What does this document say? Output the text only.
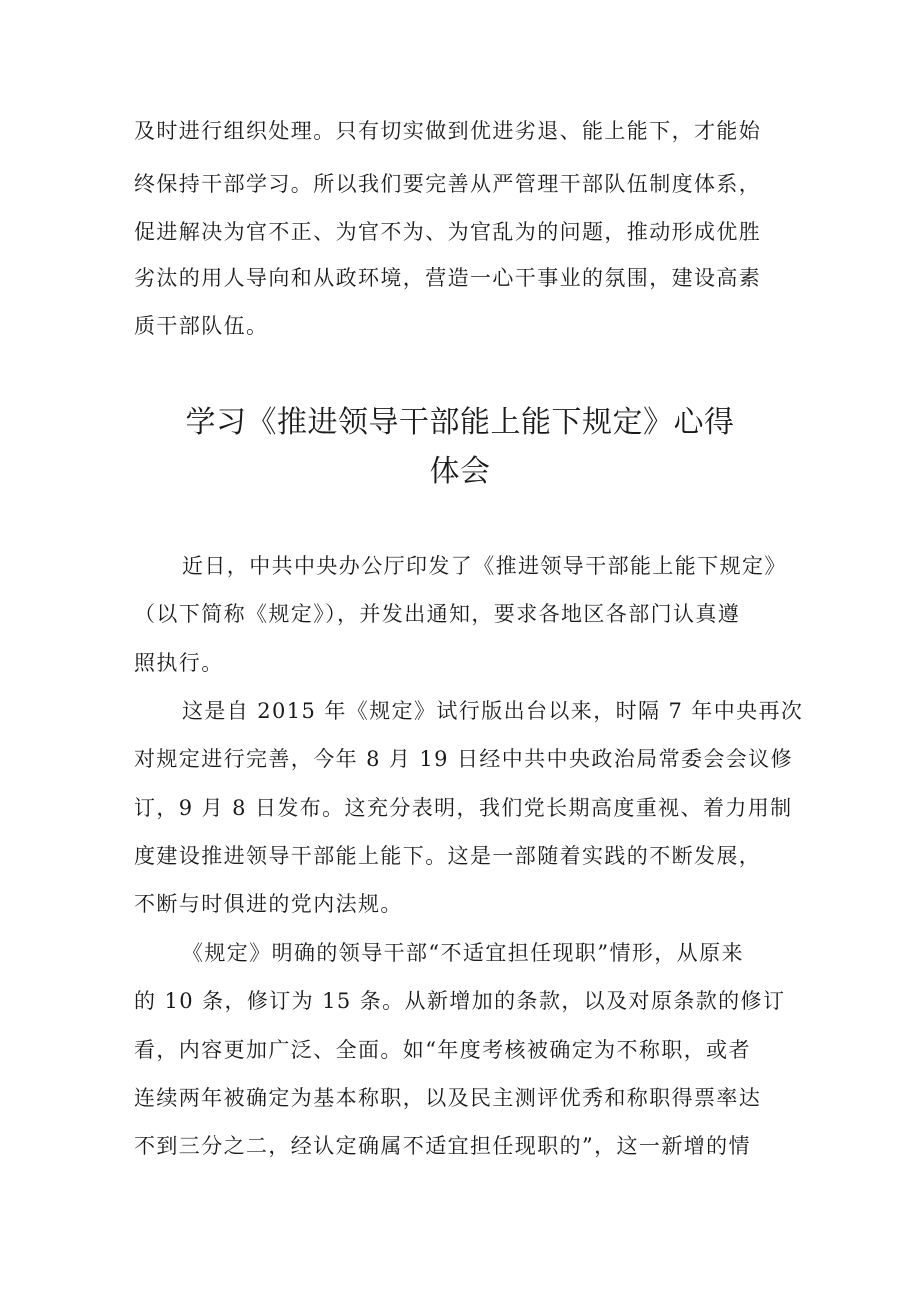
及时进行组织处理。只有切实做到优进劣退、能上能下，才能始
终保持干部学习。所以我们要完善从严管理干部队伍制度体系，
促进解决为官不正、为官不为、为官乱为的问题，推动形成优胜
劣汰的用人导向和从政环境，营造一心干事业的氛围，建设高素
质干部队伍。
学习《推进领导干部能上能下规定》心得
体会
近日，中共中央办公厅印发了《推进领导干部能上能下规定》
（以下简称《规定》），并发出通知，要求各地区各部门认真遵
照执行。
这是自 2015 年《规定》试行版出台以来，时隔 7 年中央再次
对规定进行完善，今年 8 月 19 日经中共中央政治局常委会会议修
订，9 月 8 日发布。这充分表明，我们党长期高度重视、着力用制
度建设推进领导干部能上能下。这是一部随着实践的不断发展，
不断与时俱进的党内法规。
《规定》明确的领导干部“不适宜担任现职”情形，从原来
的 10 条，修订为 15 条。从新增加的条款，以及对原条款的修订
看，内容更加广泛、全面。如“年度考核被确定为不称职，或者
连续两年被确定为基本称职，以及民主测评优秀和称职得票率达
不到三分之二，经认定确属不适宜担任现职的”，这一新增的情
